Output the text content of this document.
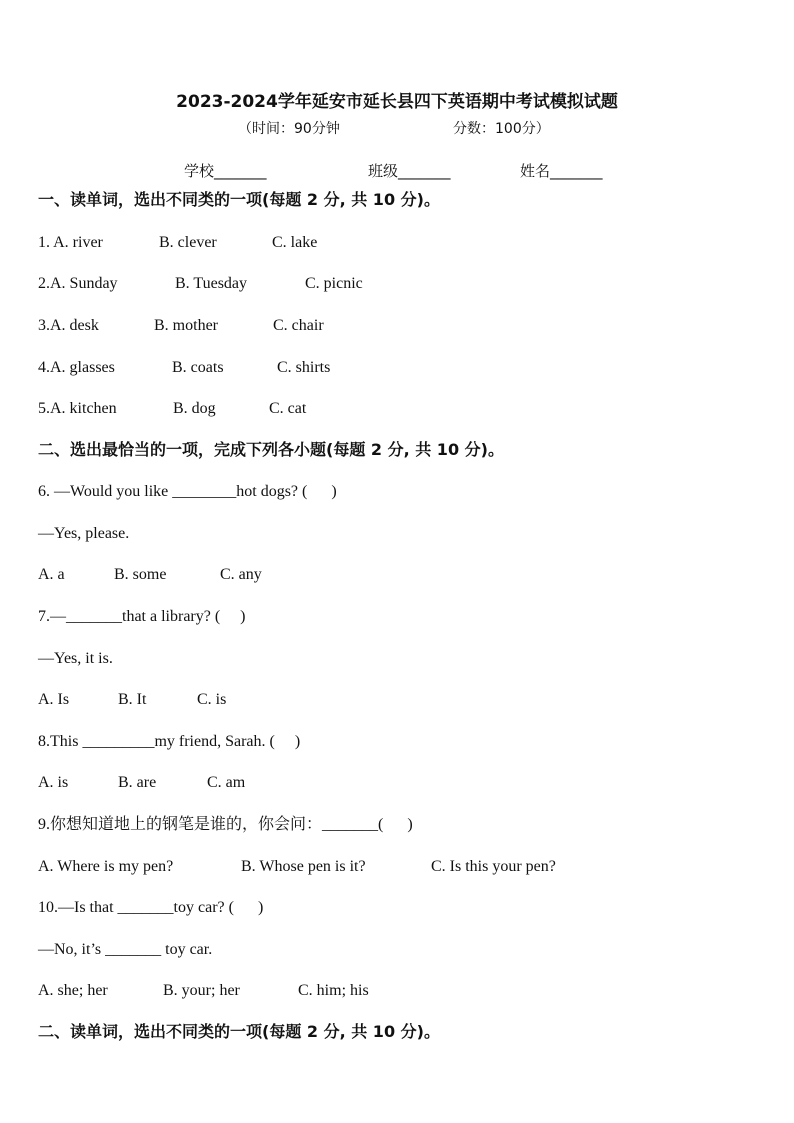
2023-2024学年延安市延长县四下英语期中考试模拟试题
（时间：90分钟	分数：100分）
学校_______	班级_______	姓名_______
一、读单词，选出不同类的一项(每题 2 分, 共 10 分)。
1. A. river	B. clever	C. lake
2.A. Sunday	B. Tuesday	C. picnic
3.A. desk	B. mother	C. chair
4.A. glasses	B. coats	C. shirts
5.A. kitchen	B. dog	C. cat
二、选出最恰当的一项，完成下列各小题(每题 2 分, 共 10 分)。
6. —Would you like ________hot dogs? (      )
—Yes, please.
A. a	B. some	C. any
7.—_______that a library? (     )
—Yes, it is.
A. Is	B. It	C. is
8.This _________my friend, Sarah. (     )
A. is	B. are	C. am
9.你想知道地上的钢笔是谁的，你会问：_______(      )
A. Where is my pen?	B. Whose pen is it?	C. Is this your pen?
10.—Is that _______toy car? (      )
—No, it’s _______ toy car.
A. she; her	B. your; her	C. him; his
二、读单词，选出不同类的一项(每题 2 分, 共 10 分)。
